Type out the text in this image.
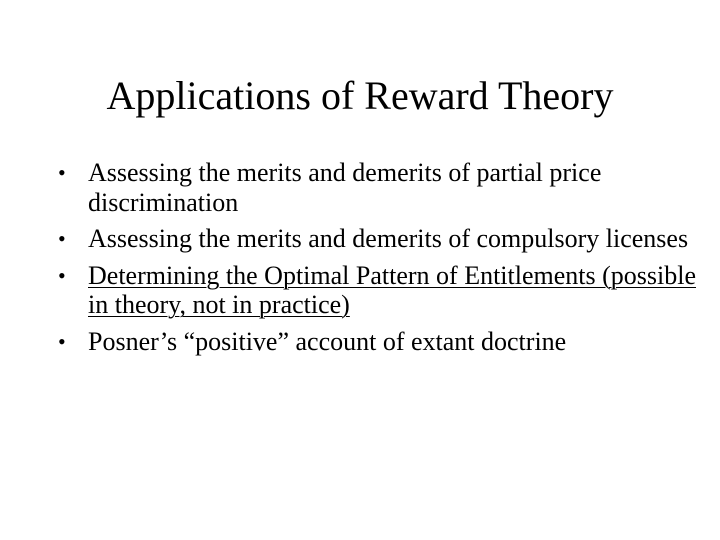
Applications of Reward Theory
• Assessing the merits and demerits of partial price discrimination
• Assessing the merits and demerits of compulsory licenses
• Determining the Optimal Pattern of Entitlements (possible in theory, not in practice)
• Posner’s “positive” account of extant doctrine
